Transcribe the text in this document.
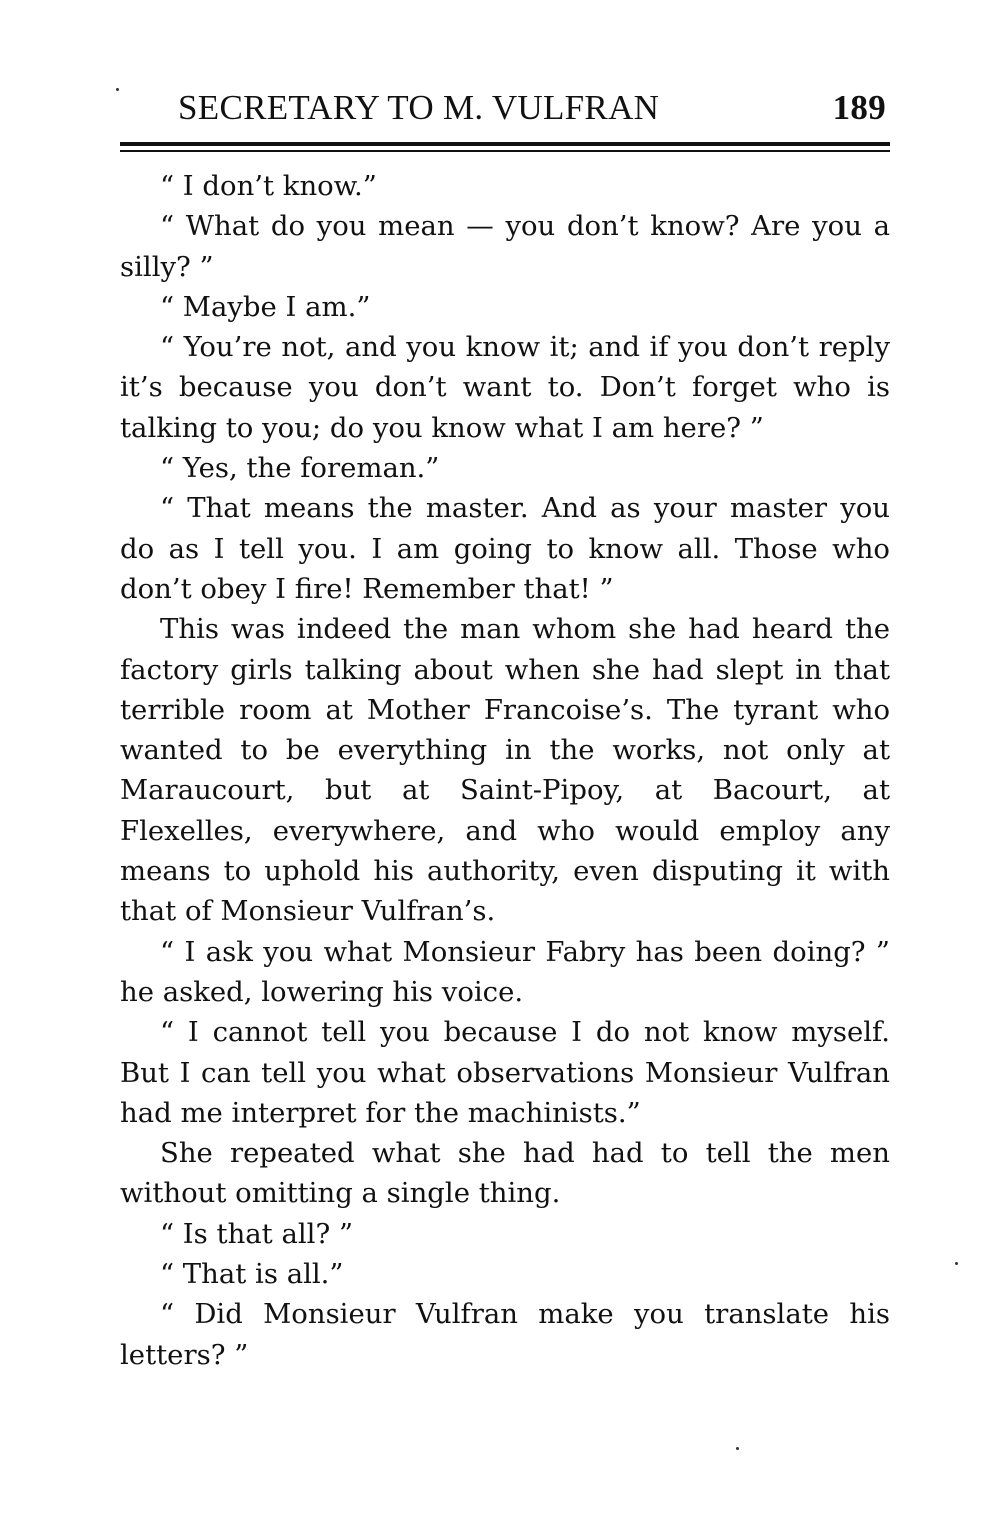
SECRETARY TO M. VULFRAN	189

“ I don’t know.”

“ What do you mean — you don’t know? Are you a silly? ”

“ Maybe I am.”

“ You’re not, and you know it; and if you don’t reply it’s because you don’t want to. Don’t forget who is talking to you; do you know what I am here? ”

“ Yes, the foreman.”

“ That means the master. And as your master you do as I tell you. I am going to know all. Those who don’t obey I fire! Remember that! ”

This was indeed the man whom she had heard the factory girls talking about when she had slept in that terrible room at Mother Francoise’s. The tyrant who wanted to be everything in the works, not only at Maraucourt, but at Saint-Pipoy, at Bacourt, at Flexelles, everywhere, and who would employ any means to uphold his authority, even disputing it with that of Monsieur Vulfran’s.

“ I ask you what Monsieur Fabry has been doing? ” he asked, lowering his voice.

“ I cannot tell you because I do not know myself. But I can tell you what observations Monsieur Vulfran had me interpret for the machinists.”

She repeated what she had had to tell the men without omitting a single thing.

“ Is that all? ”

“ That is all.”

“ Did Monsieur Vulfran make you translate his letters? ”
